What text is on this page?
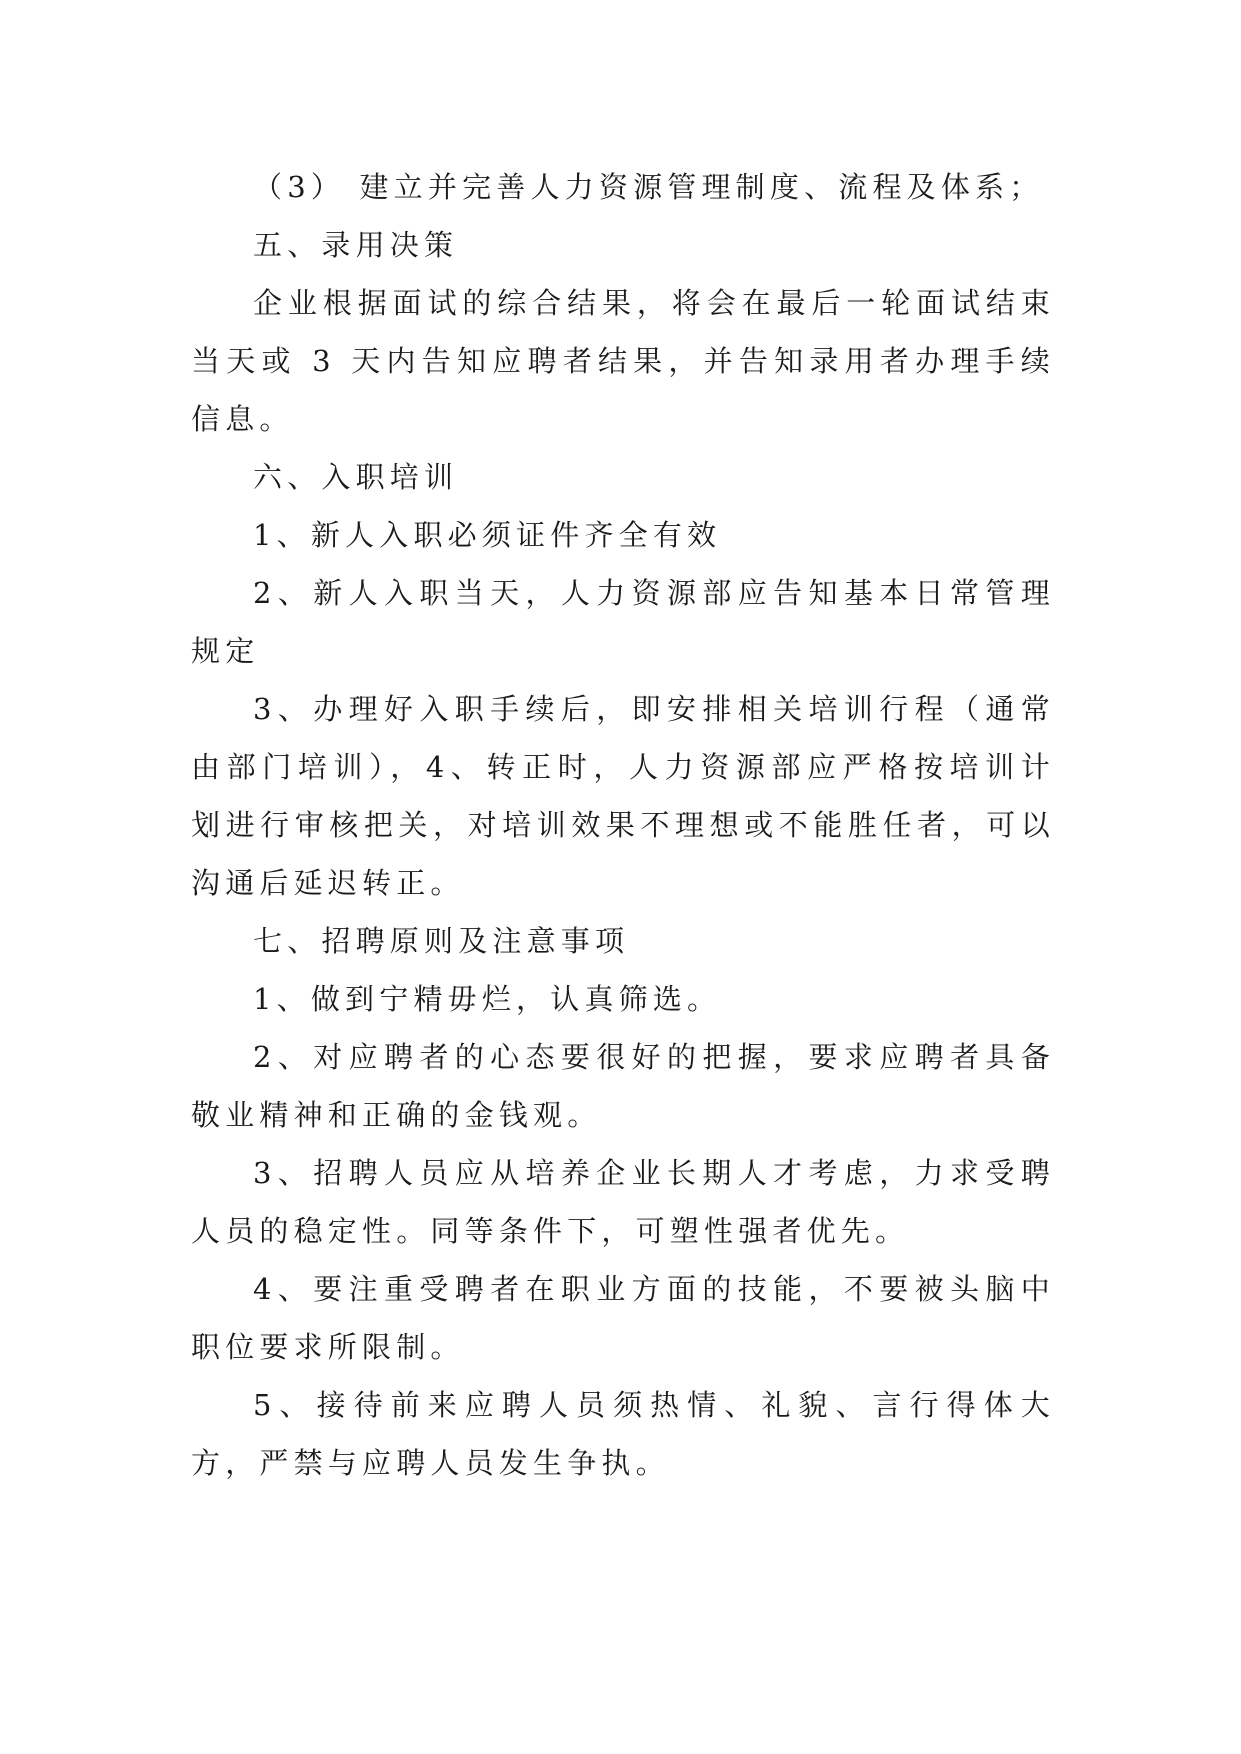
（3） 建立并完善人力资源管理制度、流程及体系；

五、录用决策

企业根据面试的综合结果，将会在最后一轮面试结束当天或 3 天内告知应聘者结果，并告知录用者办理手续信息。

六、入职培训

1、新人入职必须证件齐全有效

2、新人入职当天，人力资源部应告知基本日常管理规定

3、办理好入职手续后，即安排相关培训行程（通常由部门培训），4、转正时，人力资源部应严格按培训计划进行审核把关，对培训效果不理想或不能胜任者，可以沟通后延迟转正。

七、招聘原则及注意事项

1、做到宁精毋烂，认真筛选。

2、对应聘者的心态要很好的把握，要求应聘者具备敬业精神和正确的金钱观。

3、招聘人员应从培养企业长期人才考虑，力求受聘人员的稳定性。同等条件下，可塑性强者优先。

4、要注重受聘者在职业方面的技能，不要被头脑中职位要求所限制。

5、接待前来应聘人员须热情、礼貌、言行得体大方，严禁与应聘人员发生争执。
